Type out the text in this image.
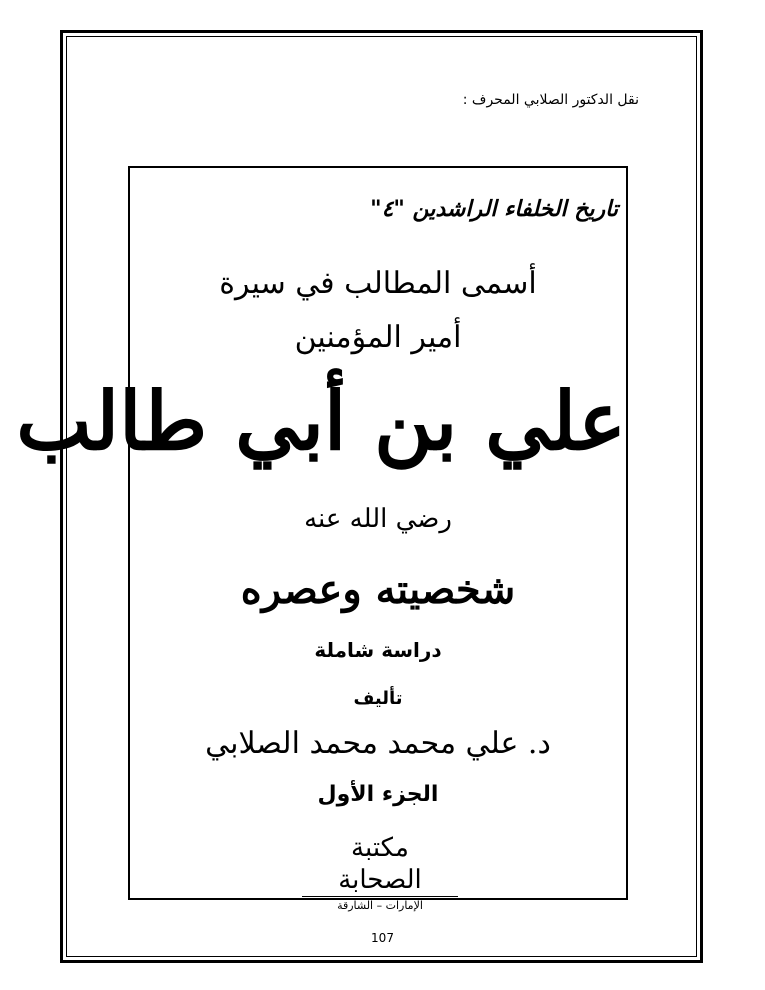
نقل الدكتور الصلابي المحرف :
تاريخ الخلفاء الراشدين "٤"
أسمى المطالب في سيرة
أمير المؤمنين
علي بن أبي طالب
رضي الله عنه
شخصيته وعصره
دراسة شاملة
تأليف
د. علي محمد محمد الصلابي
الجزء الأول
مكتبة الصحابة
الإمارات – الشارقة
107
